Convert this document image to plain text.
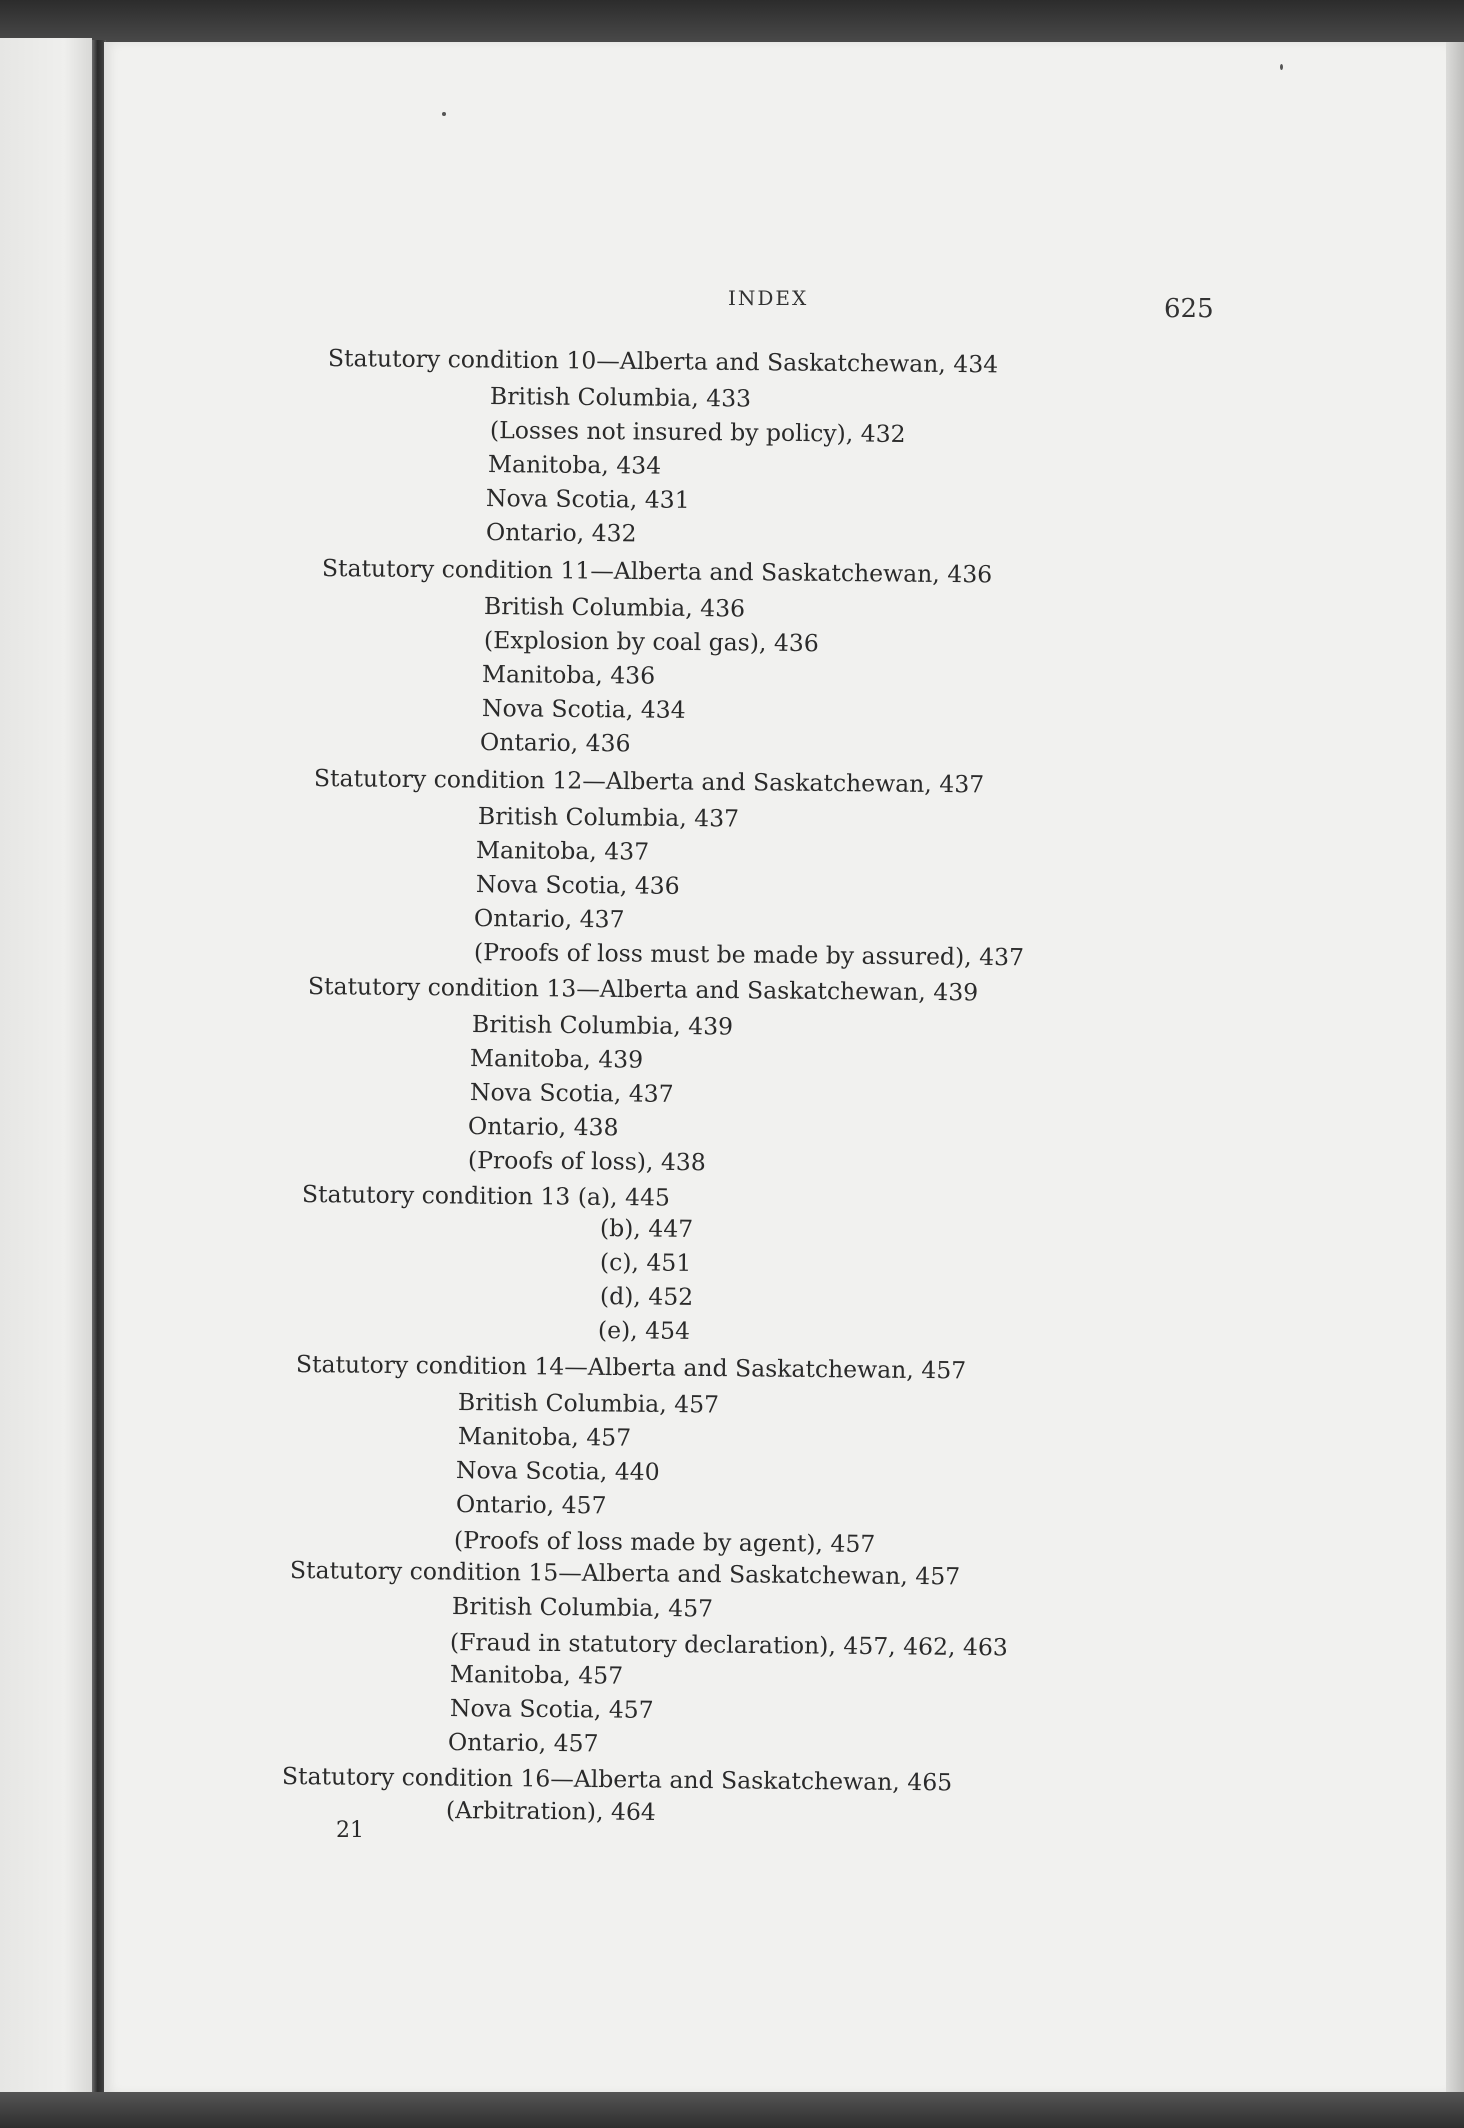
INDEX	625
Statutory condition 10—Alberta and Saskatchewan, 434
British Columbia, 433
(Losses not insured by policy), 432
Manitoba, 434
Nova Scotia, 431
Ontario, 432
Statutory condition 11—Alberta and Saskatchewan, 436
British Columbia, 436
(Explosion by coal gas), 436
Manitoba, 436
Nova Scotia, 434
Ontario, 436
Statutory condition 12—Alberta and Saskatchewan, 437
British Columbia, 437
Manitoba, 437
Nova Scotia, 436
Ontario, 437
(Proofs of loss must be made by assured), 437
Statutory condition 13—Alberta and Saskatchewan, 439
British Columbia, 439
Manitoba, 439
Nova Scotia, 437
Ontario, 438
(Proofs of loss), 438
Statutory condition 13 (a), 445
(b), 447
(c), 451
(d), 452
(e), 454
Statutory condition 14—Alberta and Saskatchewan, 457
British Columbia, 457
Manitoba, 457
Nova Scotia, 440
Ontario, 457
(Proofs of loss made by agent), 457
Statutory condition 15—Alberta and Saskatchewan, 457
British Columbia, 457
(Fraud in statutory declaration), 457, 462, 463
Manitoba, 457
Nova Scotia, 457
Ontario, 457
Statutory condition 16—Alberta and Saskatchewan, 465
(Arbitration), 464
21
